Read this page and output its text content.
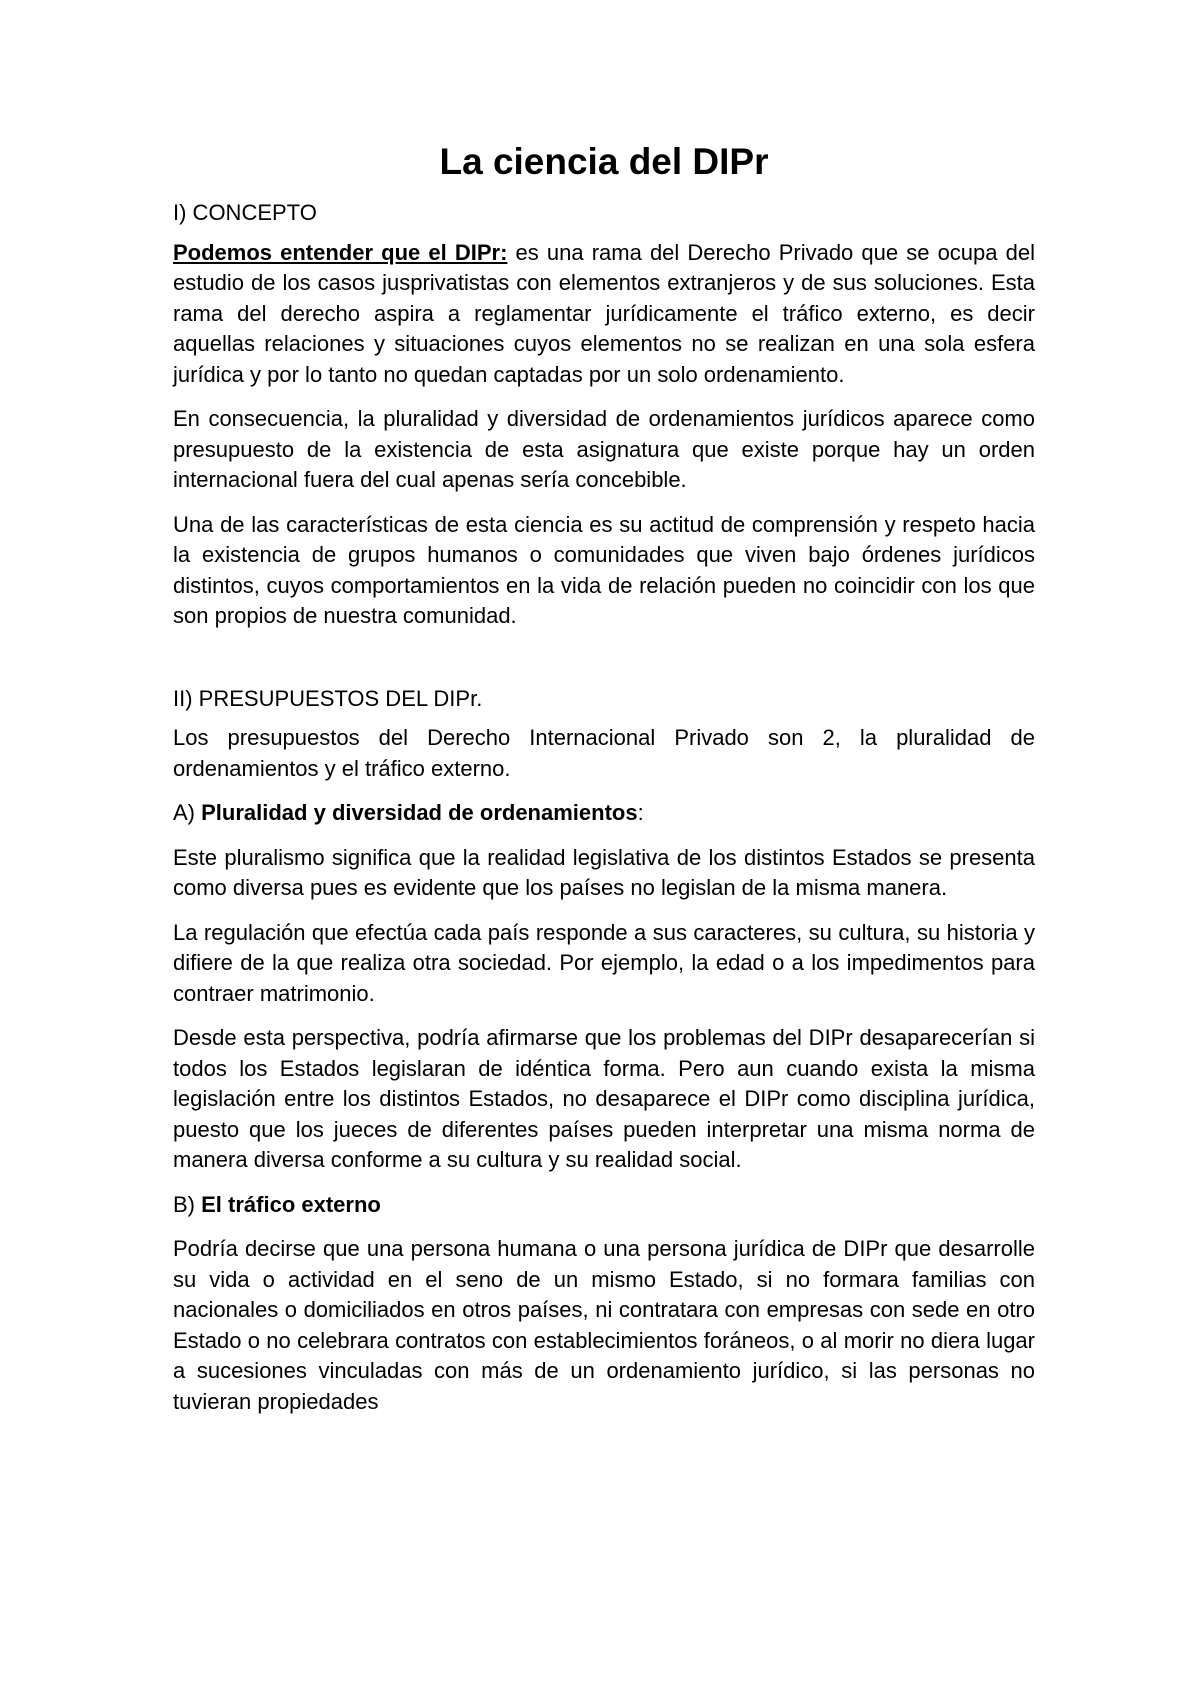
La ciencia del DIPr
I) CONCEPTO

Podemos entender que el DIPr: es una rama del Derecho Privado que se ocupa del estudio de los casos jusprivatistas con elementos extranjeros y de sus soluciones. Esta rama del derecho aspira a reglamentar jurídicamente el tráfico externo, es decir aquellas relaciones y situaciones cuyos elementos no se realizan en una sola esfera jurídica y por lo tanto no quedan captadas por un solo ordenamiento.

En consecuencia, la pluralidad y diversidad de ordenamientos jurídicos aparece como presupuesto de la existencia de esta asignatura que existe porque hay un orden internacional fuera del cual apenas sería concebible.

Una de las características de esta ciencia es su actitud de comprensión y respeto hacia la existencia de grupos humanos o comunidades que viven bajo órdenes jurídicos distintos, cuyos comportamientos en la vida de relación pueden no coincidir con los que son propios de nuestra comunidad.

II) PRESUPUESTOS DEL DIPr.

Los presupuestos del Derecho Internacional Privado son 2, la pluralidad de ordenamientos y el tráfico externo.

A) Pluralidad y diversidad de ordenamientos:

Este pluralismo significa que la realidad legislativa de los distintos Estados se presenta como diversa pues es evidente que los países no legislan de la misma manera.

La regulación que efectúa cada país responde a sus caracteres, su cultura, su historia y difiere de la que realiza otra sociedad. Por ejemplo, la edad o a los impedimentos para contraer matrimonio.

Desde esta perspectiva, podría afirmarse que los problemas del DIPr desaparecerían si todos los Estados legislaran de idéntica forma. Pero aun cuando exista la misma legislación entre los distintos Estados, no desaparece el DIPr como disciplina jurídica, puesto que los jueces de diferentes países pueden interpretar una misma norma de manera diversa conforme a su cultura y su realidad social.

B) El tráfico externo

Podría decirse que una persona humana o una persona jurídica de DIPr que desarrolle su vida o actividad en el seno de un mismo Estado, si no formara familias con nacionales o domiciliados en otros países, ni contratara con empresas con sede en otro Estado o no celebrara contratos con establecimientos foráneos, o al morir no diera lugar a sucesiones vinculadas con más de un ordenamiento jurídico, si las personas no tuvieran propiedades
